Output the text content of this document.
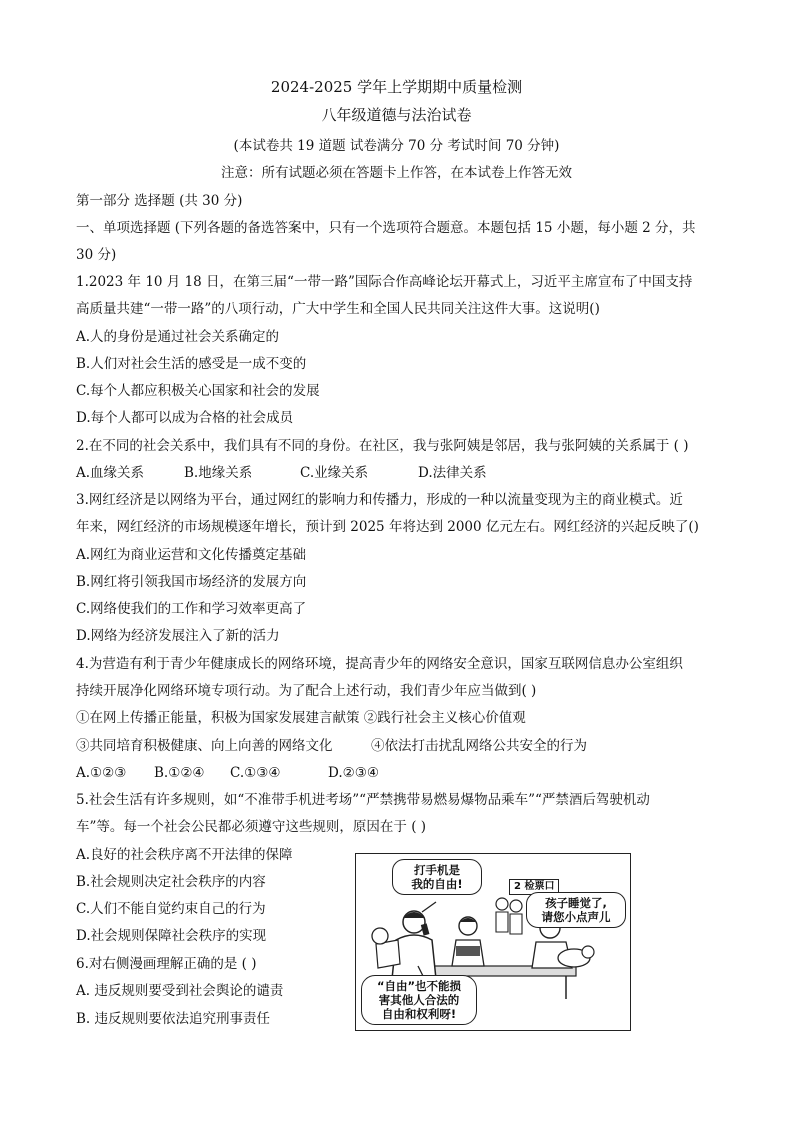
2024-2025 学年上学期期中质量检测
八年级道德与法治试卷
(本试卷共 19 道题 试卷满分 70 分 考试时间 70 分钟)
注意：所有试题必须在答题卡上作答，在本试卷上作答无效
第一部分 选择题 (共 30 分)
一、单项选择题 (下列各题的备选答案中，只有一个选项符合题意。本题包括 15 小题，每小题 2 分，共
30 分)
1.2023 年 10 月 18 日，在第三届“一带一路”国际合作高峰论坛开幕式上，习近平主席宣布了中国支持
高质量共建“一带一路”的八项行动，广大中学生和全国人民共同关注这件大事。这说明()
A.人的身份是通过社会关系确定的
B.人们对社会生活的感受是一成不变的
C.每个人都应积极关心国家和社会的发展
D.每个人都可以成为合格的社会成员
2.在不同的社会关系中，我们具有不同的身份。在社区，我与张阿姨是邻居，我与张阿姨的关系属于 ( )
A.血缘关系	B.地缘关系	C.业缘关系	D.法律关系
3.网红经济是以网络为平台，通过网红的影响力和传播力，形成的一种以流量变现为主的商业模式。近
年来，网红经济的市场规模逐年增长，预计到 2025 年将达到 2000 亿元左右。网红经济的兴起反映了()
A.网红为商业运营和文化传播奠定基础
B.网红将引领我国市场经济的发展方向
C.网络使我们的工作和学习效率更高了
D.网络为经济发展注入了新的活力
4.为营造有利于青少年健康成长的网络环境，提高青少年的网络安全意识，国家互联网信息办公室组织
持续开展净化网络环境专项行动。为了配合上述行动，我们青少年应当做到( )
①在网上传播正能量，积极为国家发展建言献策 ②践行社会主义核心价值观
③共同培育积极健康、向上向善的网络文化	④依法打击扰乱网络公共安全的行为
A.①②③ B.①②④ C.①③④	D.②③④
5.社会生活有许多规则，如“不准带手机进考场”“严禁携带易燃易爆物品乘车”“严禁酒后驾驶机动
车”等。每一个社会公民都必须遵守这些规则，原因在于 ( )
A.良好的社会秩序离不开法律的保障
B.社会规则决定社会秩序的内容
C.人们不能自觉约束自己的行为
D.社会规则保障社会秩序的实现
6.对右侧漫画理解正确的是 ( )
A. 违反规则要受到社会舆论的谴责
B. 违反规则要依法追究刑事责任
打手机是
我的自由!	2 检票口
孩子睡觉了,
请您小点声儿
“自由”也不能损
害其他人合法的
自由和权利呀!
